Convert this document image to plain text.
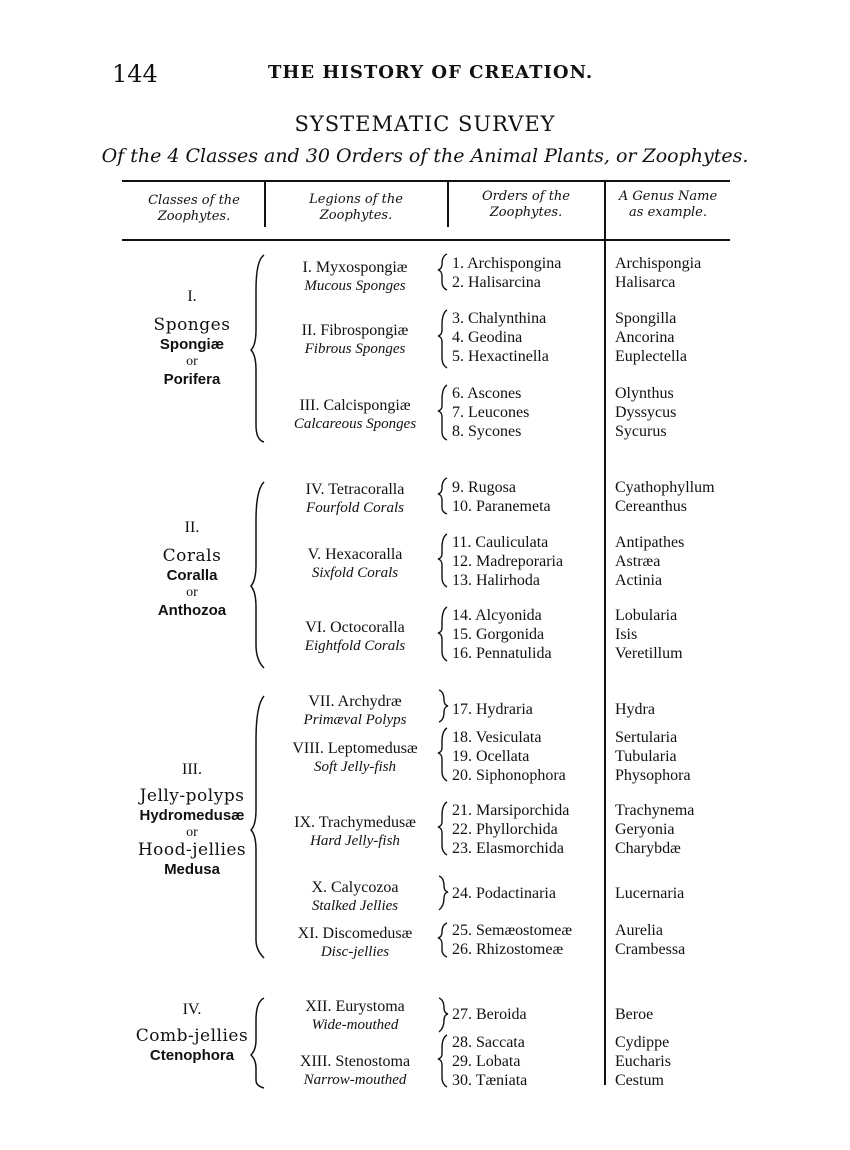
144	THE HISTORY OF CREATION.
SYSTEMATIC SURVEY
Of the 4 Classes and 30 Orders of the Animal Plants, or Zoophytes.
Classes of the
Zoophytes.
Legions of the
Zoophytes.
Orders of the
Zoophytes.
A Genus Name
as example.
I.
Sponges
Spongiæ
or
Porifera
II.
Corals
Coralla
or
Anthozoa
III.
Jelly-polyps
Hydromedusæ
or
Hood-jellies
Medusa
IV.
Comb-jellies
Ctenophora
I. Myxospongiæ
Mucous Sponges
II. Fibrospongiæ
Fibrous Sponges
III. Calcispongiæ
Calcareous Sponges
IV. Tetracoralla
Fourfold Corals
V. Hexacoralla
Sixfold Corals
VI. Octocoralla
Eightfold Corals
VII. Archydræ
Primæval Polyps
VIII. Leptomedusæ
Soft Jelly-fish
IX. Trachymedusæ
Hard Jelly-fish
X. Calycozoa
Stalked Jellies
XI. Discomedusæ
Disc-jellies
XII. Eurystoma
Wide-mouthed
XIII. Stenostoma
Narrow-mouthed
1. Archispongina
2. Halisarcina
3. Chalynthina
4. Geodina
5. Hexactinella
6. Ascones
7. Leucones
8. Sycones
9. Rugosa
10. Paranemeta
11. Cauliculata
12. Madreporaria
13. Halirhoda
14. Alcyonida
15. Gorgonida
16. Pennatulida
17. Hydraria
18. Vesiculata
19. Ocellata
20. Siphonophora
21. Marsiporchida
22. Phyllorchida
23. Elasmorchida
24. Podactinaria
25. Semæostomeæ
26. Rhizostomeæ
27. Beroida
28. Saccata
29. Lobata
30. Tæniata
Archispongia
Halisarca
Spongilla
Ancorina
Euplectella
Olynthus
Dyssycus
Sycurus
Cyathophyllum
Cereanthus
Antipathes
Astræa
Actinia
Lobularia
Isis
Veretillum
Hydra
Sertularia
Tubularia
Physophora
Trachynema
Geryonia
Charybdæ
Lucernaria
Aurelia
Crambessa
Beroe
Cydippe
Eucharis
Cestum
